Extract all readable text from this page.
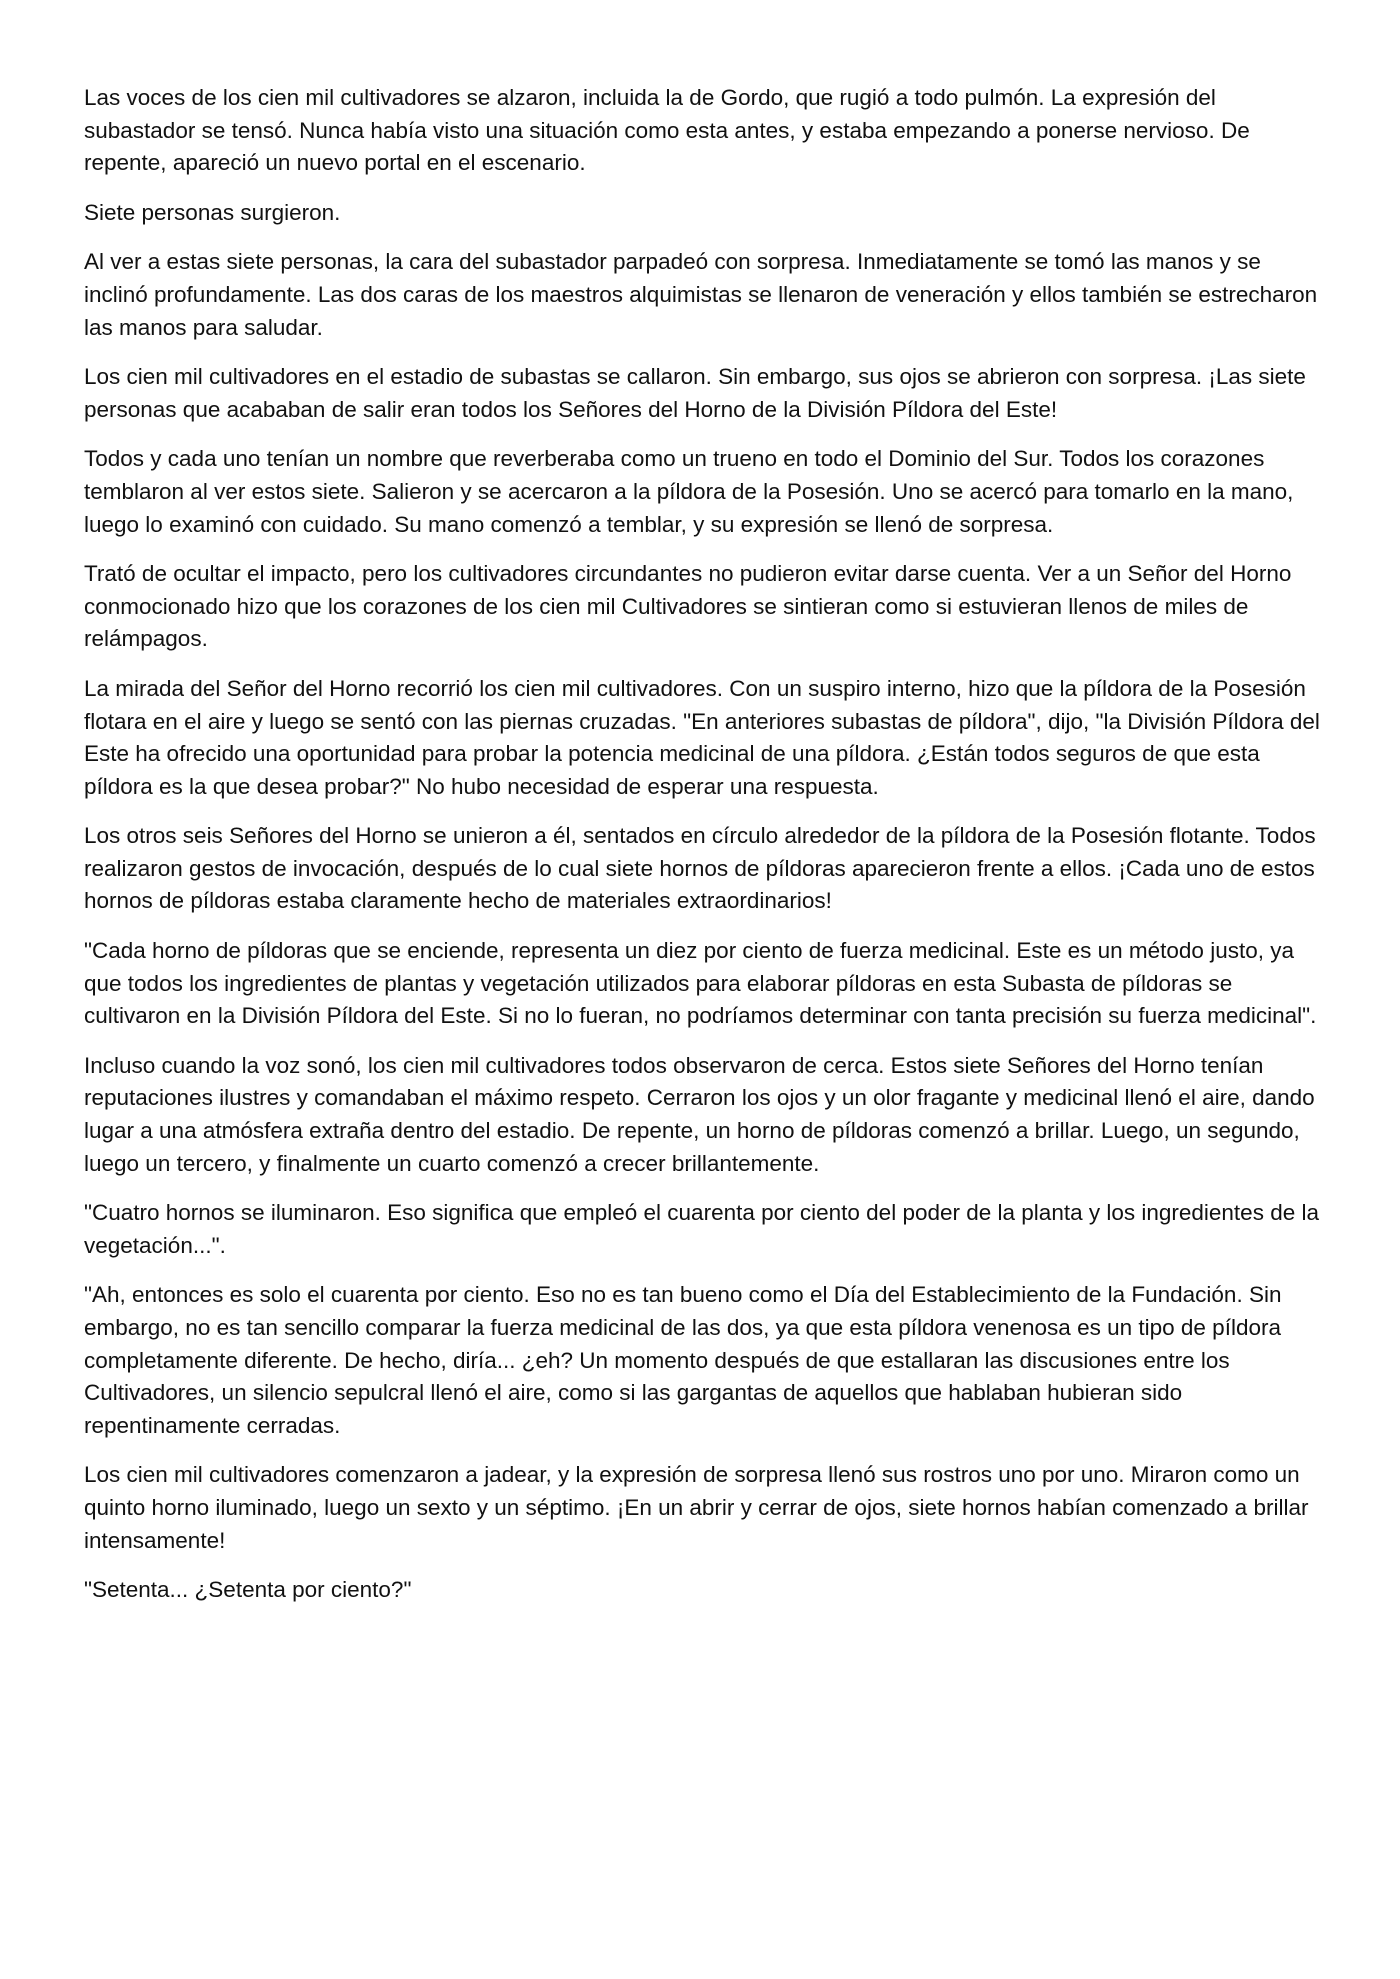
Las voces de los cien mil cultivadores se alzaron, incluida la de Gordo, que rugió a todo pulmón. La expresión del subastador se tensó. Nunca había visto una situación como esta antes, y estaba empezando a ponerse nervioso. De repente, apareció un nuevo portal en el escenario.

Siete personas surgieron.

Al ver a estas siete personas, la cara del subastador parpadeó con sorpresa. Inmediatamente se tomó las manos y se inclinó profundamente. Las dos caras de los maestros alquimistas se llenaron de veneración y ellos también se estrecharon las manos para saludar.

Los cien mil cultivadores en el estadio de subastas se callaron. Sin embargo, sus ojos se abrieron con sorpresa. ¡Las siete personas que acababan de salir eran todos los Señores del Horno de la División Píldora del Este!

Todos y cada uno tenían un nombre que reverberaba como un trueno en todo el Dominio del Sur. Todos los corazones temblaron al ver estos siete. Salieron y se acercaron a la píldora de la Posesión. Uno se acercó para tomarlo en la mano, luego lo examinó con cuidado. Su mano comenzó a temblar, y su expresión se llenó de sorpresa.

Trató de ocultar el impacto, pero los cultivadores circundantes no pudieron evitar darse cuenta. Ver a un Señor del Horno conmocionado hizo que los corazones de los cien mil Cultivadores se sintieran como si estuvieran llenos de miles de relámpagos.

La mirada del Señor del Horno recorrió los cien mil cultivadores. Con un suspiro interno, hizo que la píldora de la Posesión flotara en el aire y luego se sentó con las piernas cruzadas. "En anteriores subastas de píldora", dijo, "la División Píldora del Este ha ofrecido una oportunidad para probar la potencia medicinal de una píldora. ¿Están todos seguros de que esta píldora es la que desea probar?" No hubo necesidad de esperar una respuesta.

Los otros seis Señores del Horno se unieron a él, sentados en círculo alrededor de la píldora de la Posesión flotante. Todos realizaron gestos de invocación, después de lo cual siete hornos de píldoras aparecieron frente a ellos. ¡Cada uno de estos hornos de píldoras estaba claramente hecho de materiales extraordinarios!

"Cada horno de píldoras que se enciende, representa un diez por ciento de fuerza medicinal. Este es un método justo, ya que todos los ingredientes de plantas y vegetación utilizados para elaborar píldoras en esta Subasta de píldoras se cultivaron en la División Píldora del Este. Si no lo fueran, no podríamos determinar con tanta precisión su fuerza medicinal".

Incluso cuando la voz sonó, los cien mil cultivadores todos observaron de cerca. Estos siete Señores del Horno tenían reputaciones ilustres y comandaban el máximo respeto. Cerraron los ojos y un olor fragante y medicinal llenó el aire, dando lugar a una atmósfera extraña dentro del estadio. De repente, un horno de píldoras comenzó a brillar. Luego, un segundo, luego un tercero, y finalmente un cuarto comenzó a crecer brillantemente.

"Cuatro hornos se iluminaron. Eso significa que empleó el cuarenta por ciento del poder de la planta y los ingredientes de la vegetación...".

"Ah, entonces es solo el cuarenta por ciento. Eso no es tan bueno como el Día del Establecimiento de la Fundación. Sin embargo, no es tan sencillo comparar la fuerza medicinal de las dos, ya que esta píldora venenosa es un tipo de píldora completamente diferente. De hecho, diría... ¿eh? Un momento después de que estallaran las discusiones entre los Cultivadores, un silencio sepulcral llenó el aire, como si las gargantas de aquellos que hablaban hubieran sido repentinamente cerradas.

Los cien mil cultivadores comenzaron a jadear, y la expresión de sorpresa llenó sus rostros uno por uno. Miraron como un quinto horno iluminado, luego un sexto y un séptimo. ¡En un abrir y cerrar de ojos, siete hornos habían comenzado a brillar intensamente!

"Setenta... ¿Setenta por ciento?"
